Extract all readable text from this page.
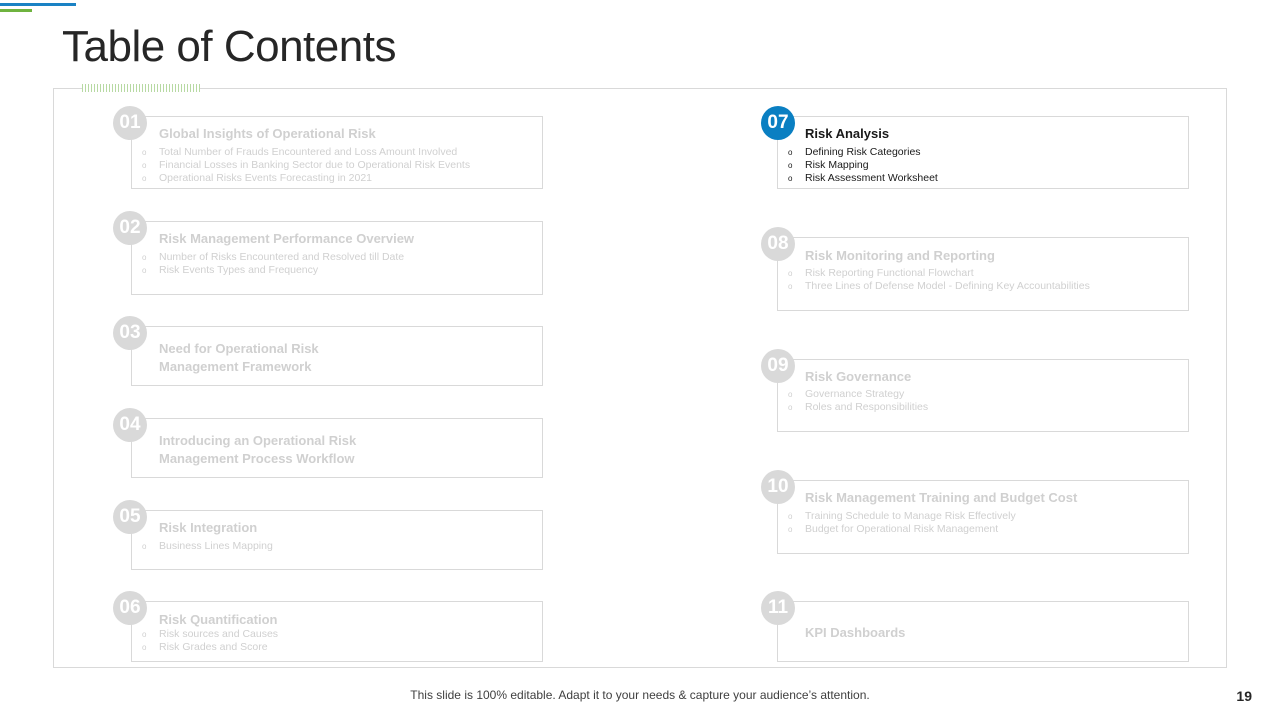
Table of Contents
01
Global Insights of Operational Risk
o Total Number of Frauds Encountered and Loss Amount Involved
o Financial Losses in Banking Sector due to Operational Risk Events
o Operational Risks Events Forecasting in 2021
02
Risk Management Performance Overview
o Number of Risks Encountered and Resolved till Date
o Risk Events Types and Frequency
03
Need for Operational Risk
Management Framework
04
Introducing an Operational Risk
Management Process Workflow
05
Risk Integration
o Business Lines Mapping
06
Risk Quantification
o Risk sources and Causes
o Risk Grades and Score
07
Risk Analysis
o Defining Risk Categories
o Risk Mapping
o Risk Assessment Worksheet
08
Risk Monitoring and Reporting
o Risk Reporting Functional Flowchart
o Three Lines of Defense Model - Defining Key Accountabilities
09
Risk Governance
o Governance Strategy
o Roles and Responsibilities
10
Risk Management Training and Budget Cost
o Training Schedule to Manage Risk Effectively
o Budget for Operational Risk Management
11
KPI Dashboards
This slide is 100% editable. Adapt it to your needs & capture your audience’s attention.	19
